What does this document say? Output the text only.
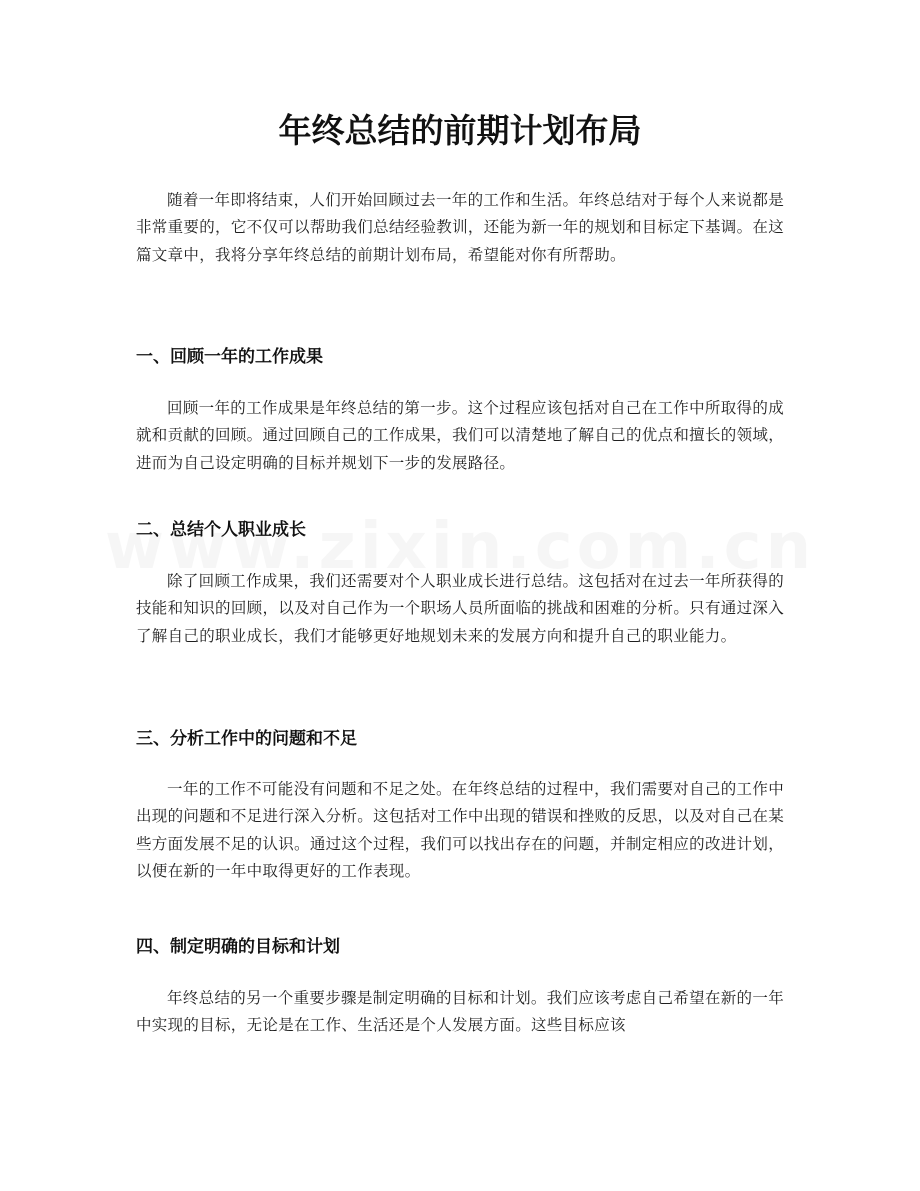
年终总结的前期计划布局

随着一年即将结束，人们开始回顾过去一年的工作和生活。年终总结对于每个人来说都是非常重要的，它不仅可以帮助我们总结经验教训，还能为新一年的规划和目标定下基调。在这篇文章中，我将分享年终总结的前期计划布局，希望能对你有所帮助。

一、回顾一年的工作成果

回顾一年的工作成果是年终总结的第一步。这个过程应该包括对自己在工作中所取得的成就和贡献的回顾。通过回顾自己的工作成果，我们可以清楚地了解自己的优点和擅长的领域，进而为自己设定明确的目标并规划下一步的发展路径。

二、总结个人职业成长

除了回顾工作成果，我们还需要对个人职业成长进行总结。这包括对在过去一年所获得的技能和知识的回顾，以及对自己作为一个职场人员所面临的挑战和困难的分析。只有通过深入了解自己的职业成长，我们才能够更好地规划未来的发展方向和提升自己的职业能力。

三、分析工作中的问题和不足

一年的工作不可能没有问题和不足之处。在年终总结的过程中，我们需要对自己的工作中出现的问题和不足进行深入分析。这包括对工作中出现的错误和挫败的反思，以及对自己在某些方面发展不足的认识。通过这个过程，我们可以找出存在的问题，并制定相应的改进计划，以便在新的一年中取得更好的工作表现。

四、制定明确的目标和计划

年终总结的另一个重要步骤是制定明确的目标和计划。我们应该考虑自己希望在新的一年中实现的目标，无论是在工作、生活还是个人发展方面。这些目标应该
